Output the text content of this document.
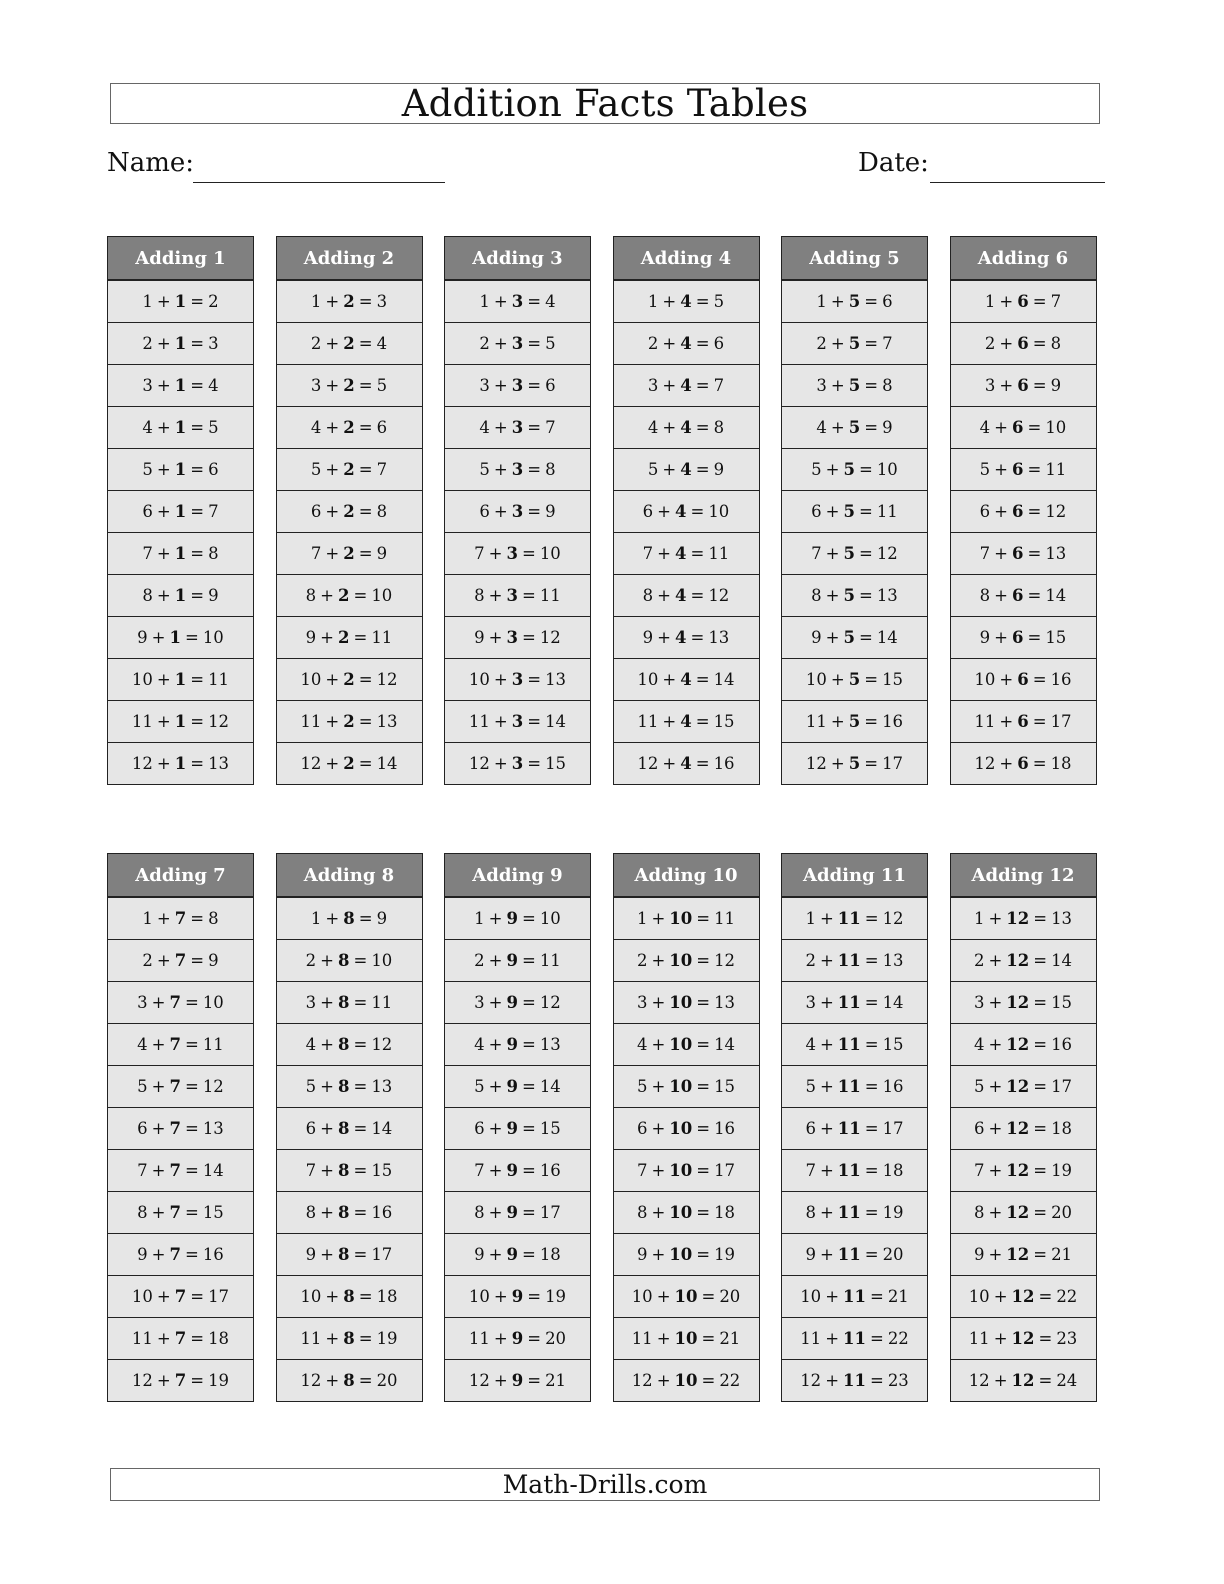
Addition Facts Tables
Name:	Date:
Adding 1
1 + 1 = 2
2 + 1 = 3
3 + 1 = 4
4 + 1 = 5
5 + 1 = 6
6 + 1 = 7
7 + 1 = 8
8 + 1 = 9
9 + 1 = 10
10 + 1 = 11
11 + 1 = 12
12 + 1 = 13
Adding 2
1 + 2 = 3
2 + 2 = 4
3 + 2 = 5
4 + 2 = 6
5 + 2 = 7
6 + 2 = 8
7 + 2 = 9
8 + 2 = 10
9 + 2 = 11
10 + 2 = 12
11 + 2 = 13
12 + 2 = 14
Adding 3
1 + 3 = 4
2 + 3 = 5
3 + 3 = 6
4 + 3 = 7
5 + 3 = 8
6 + 3 = 9
7 + 3 = 10
8 + 3 = 11
9 + 3 = 12
10 + 3 = 13
11 + 3 = 14
12 + 3 = 15
Adding 4
1 + 4 = 5
2 + 4 = 6
3 + 4 = 7
4 + 4 = 8
5 + 4 = 9
6 + 4 = 10
7 + 4 = 11
8 + 4 = 12
9 + 4 = 13
10 + 4 = 14
11 + 4 = 15
12 + 4 = 16
Adding 5
1 + 5 = 6
2 + 5 = 7
3 + 5 = 8
4 + 5 = 9
5 + 5 = 10
6 + 5 = 11
7 + 5 = 12
8 + 5 = 13
9 + 5 = 14
10 + 5 = 15
11 + 5 = 16
12 + 5 = 17
Adding 6
1 + 6 = 7
2 + 6 = 8
3 + 6 = 9
4 + 6 = 10
5 + 6 = 11
6 + 6 = 12
7 + 6 = 13
8 + 6 = 14
9 + 6 = 15
10 + 6 = 16
11 + 6 = 17
12 + 6 = 18
Adding 7
1 + 7 = 8
2 + 7 = 9
3 + 7 = 10
4 + 7 = 11
5 + 7 = 12
6 + 7 = 13
7 + 7 = 14
8 + 7 = 15
9 + 7 = 16
10 + 7 = 17
11 + 7 = 18
12 + 7 = 19
Adding 8
1 + 8 = 9
2 + 8 = 10
3 + 8 = 11
4 + 8 = 12
5 + 8 = 13
6 + 8 = 14
7 + 8 = 15
8 + 8 = 16
9 + 8 = 17
10 + 8 = 18
11 + 8 = 19
12 + 8 = 20
Adding 9
1 + 9 = 10
2 + 9 = 11
3 + 9 = 12
4 + 9 = 13
5 + 9 = 14
6 + 9 = 15
7 + 9 = 16
8 + 9 = 17
9 + 9 = 18
10 + 9 = 19
11 + 9 = 20
12 + 9 = 21
Adding 10
1 + 10 = 11
2 + 10 = 12
3 + 10 = 13
4 + 10 = 14
5 + 10 = 15
6 + 10 = 16
7 + 10 = 17
8 + 10 = 18
9 + 10 = 19
10 + 10 = 20
11 + 10 = 21
12 + 10 = 22
Adding 11
1 + 11 = 12
2 + 11 = 13
3 + 11 = 14
4 + 11 = 15
5 + 11 = 16
6 + 11 = 17
7 + 11 = 18
8 + 11 = 19
9 + 11 = 20
10 + 11 = 21
11 + 11 = 22
12 + 11 = 23
Adding 12
1 + 12 = 13
2 + 12 = 14
3 + 12 = 15
4 + 12 = 16
5 + 12 = 17
6 + 12 = 18
7 + 12 = 19
8 + 12 = 20
9 + 12 = 21
10 + 12 = 22
11 + 12 = 23
12 + 12 = 24
Math-Drills.com
